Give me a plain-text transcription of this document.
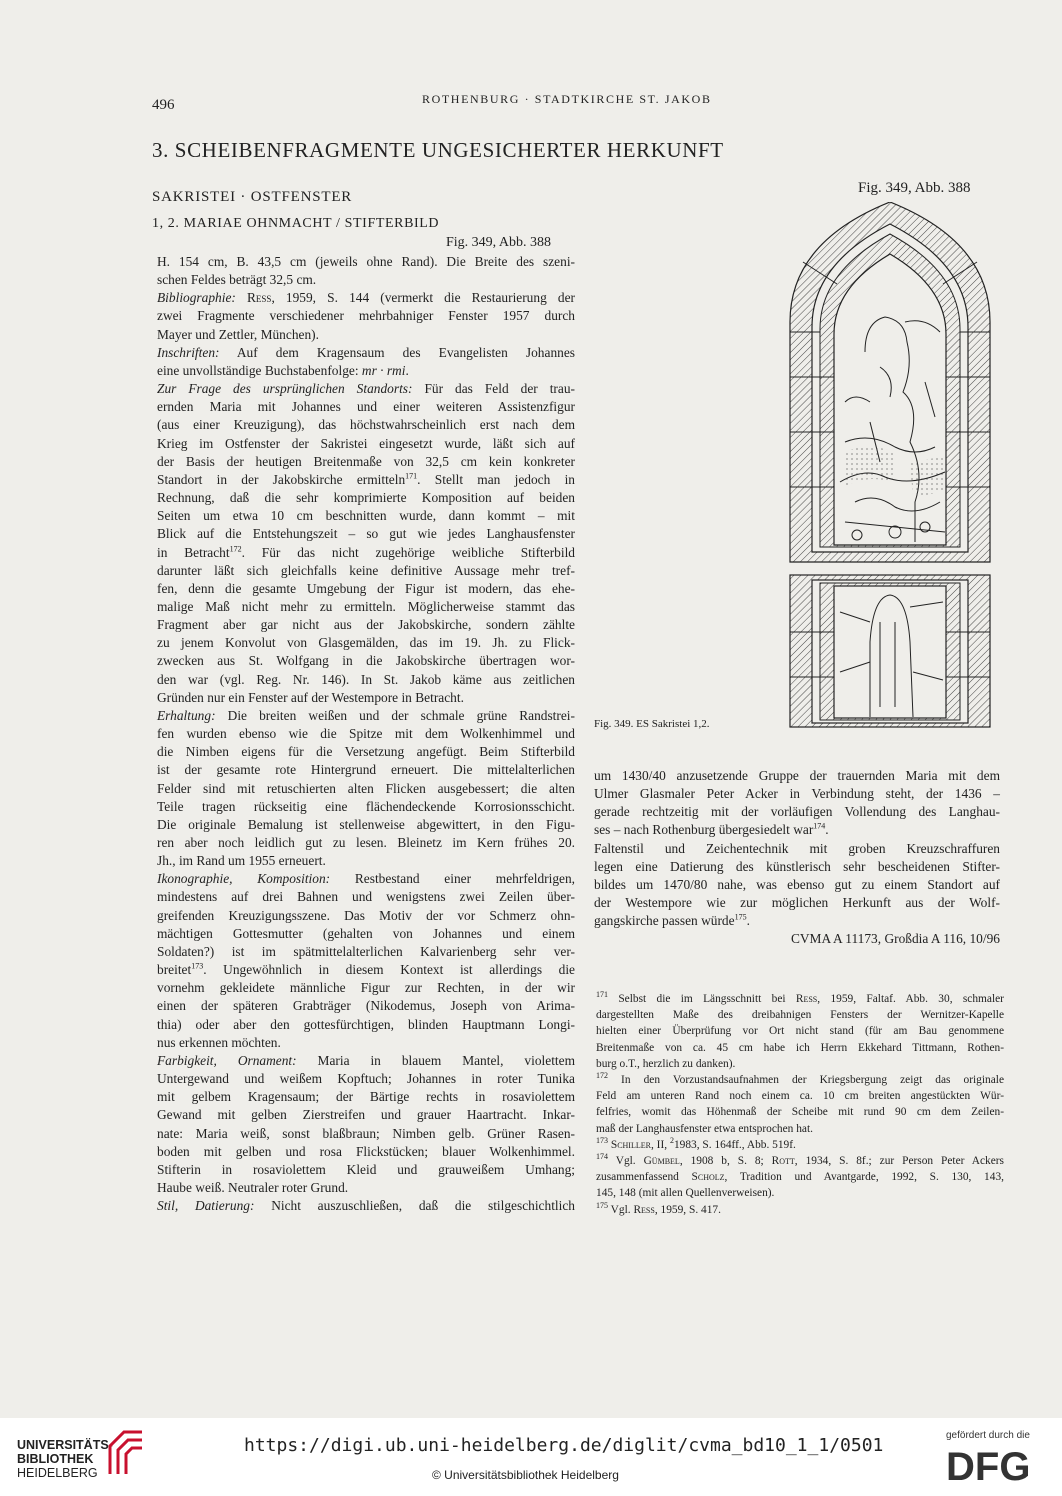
496	ROTHENBURG · STADTKIRCHE ST. JAKOB
3. SCHEIBENFRAGMENTE UNGESICHERTER HERKUNFT
SAKRISTEI · OSTFENSTER
1, 2. MARIAE OHNMACHT / STIFTERBILD
Fig. 349, Abb. 388
Fig. 349, Abb. 388
H. 154 cm, B. 43,5 cm (jeweils ohne Rand). Die Breite des szeni-
schen Feldes beträgt 32,5 cm.
Bibliographie: Ress, 1959, S. 144 (vermerkt die Restaurierung der
zwei Fragmente verschiedener mehrbahniger Fenster 1957 durch
Mayer und Zettler, München).
Inschriften: Auf dem Kragensaum des Evangelisten Johannes
eine unvollständige Buchstabenfolge: mr · rmi.
Zur Frage des ursprünglichen Standorts: Für das Feld der trau-
ernden Maria mit Johannes und einer weiteren Assistenzfigur
(aus einer Kreuzigung), das höchstwahrscheinlich erst nach dem
Krieg im Ostfenster der Sakristei eingesetzt wurde, läßt sich auf
der Basis der heutigen Breitenmaße von 32,5 cm kein konkreter
Standort in der Jakobskirche ermitteln$^{171}$. Stellt man jedoch in
Rechnung, daß die sehr komprimierte Komposition auf beiden
Seiten um etwa 10 cm beschnitten wurde, dann kommt – mit
Blick auf die Entstehungszeit – so gut wie jedes Langhausfenster
in Betracht$^{172}$. Für das nicht zugehörige weibliche Stifterbild
darunter läßt sich gleichfalls keine definitive Aussage mehr tref-
fen, denn die gesamte Umgebung der Figur ist modern, das ehe-
malige Maß nicht mehr zu ermitteln. Möglicherweise stammt das
Fragment aber gar nicht aus der Jakobskirche, sondern zählte
zu jenem Konvolut von Glasgemälden, das im 19. Jh. zu Flick-
zwecken aus St. Wolfgang in die Jakobskirche übertragen wor-
den war (vgl. Reg. Nr. 146). In St. Jakob käme aus zeitlichen
Gründen nur ein Fenster auf der Westempore in Betracht.
Erhaltung: Die breiten weißen und der schmale grüne Randstrei-
fen wurden ebenso wie die Spitze mit dem Wolkenhimmel und
die Nimben eigens für die Versetzung angefügt. Beim Stifterbild
ist der gesamte rote Hintergrund erneuert. Die mittelalterlichen
Felder sind mit retuschierten alten Flicken ausgebessert; die alten
Teile tragen rückseitig eine flächendeckende Korrosionsschicht.
Die originale Bemalung ist stellenweise abgewittert, in den Figu-
ren aber noch leidlich gut zu lesen. Bleinetz im Kern frühes 20.
Jh., im Rand um 1955 erneuert.
Ikonographie, Komposition: Restbestand einer mehrfeldrigen,
mindestens auf drei Bahnen und wenigstens zwei Zeilen über-
greifenden Kreuzigungsszene. Das Motiv der vor Schmerz ohn-
mächtigen Gottesmutter (gehalten von Johannes und einem
Soldaten?) ist im spätmittelalterlichen Kalvarienberg sehr ver-
breitet$^{173}$. Ungewöhnlich in diesem Kontext ist allerdings die
vornehm gekleidete männliche Figur zur Rechten, in der wir
einen der späteren Grabträger (Nikodemus, Joseph von Arima-
thia) oder aber den gottesfürchtigen, blinden Hauptmann Longi-
nus erkennen möchten.
Farbigkeit, Ornament: Maria in blauem Mantel, violettem
Untergewand und weißem Kopftuch; Johannes in roter Tunika
mit gelbem Kragensaum; der Bärtige rechts in rosaviolettem
Gewand mit gelben Zierstreifen und grauer Haartracht. Inkar-
nate: Maria weiß, sonst blaßbraun; Nimben gelb. Grüner Rasen-
boden mit gelben und rosa Flickstücken; blauer Wolkenhimmel.
Stifterin in rosaviolettem Kleid und grauweißem Umhang;
Haube weiß. Neutraler roter Grund.
Stil, Datierung: Nicht auszuschließen, daß die stilgeschichtlich
Fig. 349. ES Sakristei 1,2.
um 1430/40 anzusetzende Gruppe der trauernden Maria mit dem
Ulmer Glasmaler Peter Acker in Verbindung steht, der 1436 –
gerade rechtzeitig mit der vorläufigen Vollendung des Langhau-
ses – nach Rothenburg übergesiedelt war$^{174}$.
Faltenstil und Zeichentechnik mit groben Kreuzschraffuren
legen eine Datierung des künstlerisch sehr bescheidenen Stifter-
bildes um 1470/80 nahe, was ebenso gut zu einem Standort auf
der Westempore wie zur möglichen Herkunft aus der Wolf-
gangskirche passen würde$^{175}$.
CVMA A 11173, Großdia A 116, 10/96
$^{171}$ Selbst die im Längsschnitt bei Ress, 1959, Faltaf. Abb. 30, schmaler
dargestellten Maße des dreibahnigen Fensters der Wernitzer-Kapelle
hielten einer Überprüfung vor Ort nicht stand (für am Bau genommene
Breitenmaße von ca. 45 cm habe ich Herrn Ekkehard Tittmann, Rothen-
burg o.T., herzlich zu danken).
$^{172}$ In den Vorzustandsaufnahmen der Kriegsbergung zeigt das originale
Feld am unteren Rand noch einem ca. 10 cm breiten angestückten Wür-
felfries, womit das Höhenmaß der Scheibe mit rund 90 cm dem Zeilen-
maß der Langhausfenster etwa entsprochen hat.
$^{173}$ Schiller, II, $^2$1983, S. 164ff., Abb. 519f.
$^{174}$ Vgl. Gümbel, 1908 b, S. 8; Rott, 1934, S. 8f.; zur Person Peter Ackers
zusammenfassend Scholz, Tradition und Avantgarde, 1992, S. 130, 143,
145, 148 (mit allen Quellenverweisen).
$^{175}$ Vgl. Ress, 1959, S. 417.
UNIVERSITÄTS-
BIBLIOTHEK
HEIDELBERG
https://digi.ub.uni-heidelberg.de/diglit/cvma_bd10_1_1/0501
© Universitätsbibliothek Heidelberg
gefördert durch die
DFG
